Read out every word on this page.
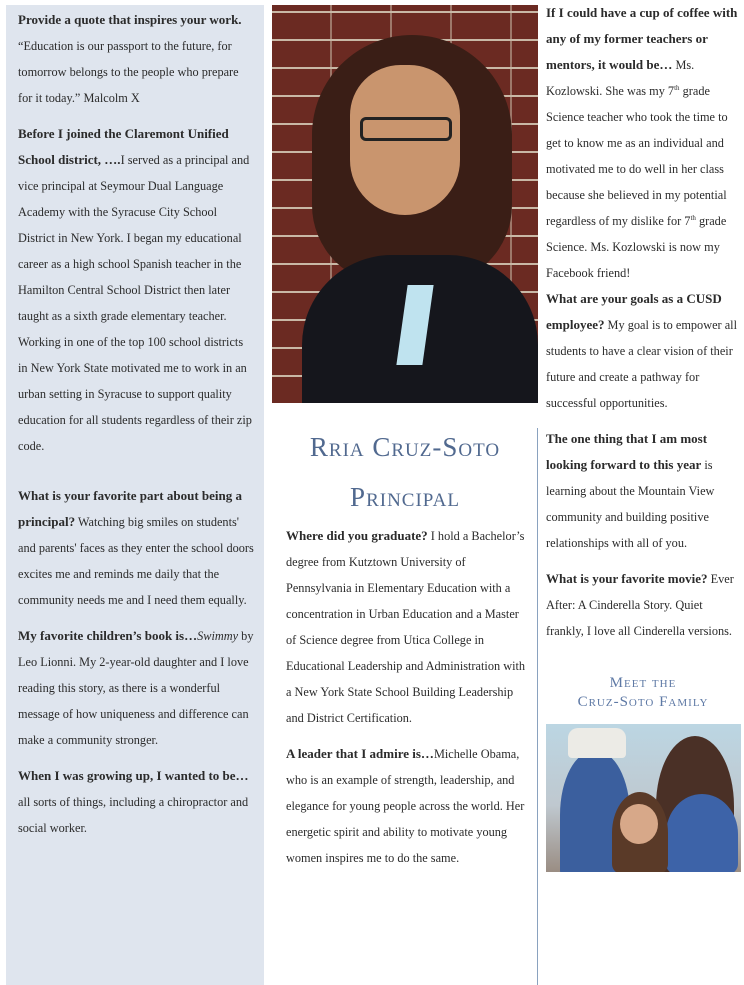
Provide a quote that inspires your work. “Education is our passport to the future, for tomorrow belongs to the people who prepare for it today.” Malcolm X

Before I joined the Claremont Unified School district, ….I served as a principal and vice principal at Seymour Dual Language Academy with the Syracuse City School District in New York. I began my educational career as a high school Spanish teacher in the Hamilton Central School District then later taught as a sixth grade elementary teacher. Working in one of the top 100 school districts in New York State motivated me to work in an urban setting in Syracuse to support quality education for all students regardless of their zip code.

What is your favorite part about being a principal? Watching big smiles on students' and parents' faces as they enter the school doors excites me and reminds me daily that the community needs me and I need them equally.

My favorite children’s book is…Swimmy by Leo Lionni. My 2-year-old daughter and I love reading this story, as there is a wonderful message of how uniqueness and difference can make a community stronger.

When I was growing up, I wanted to be…all sorts of things, including a chiropractor and social worker.

Rria Cruz-Soto
Principal

Where did you graduate? I hold a Bachelor’s degree from Kutztown University of Pennsylvania in Elementary Education with a concentration in Urban Education and a Master of Science degree from Utica College in Educational Leadership and Administration with a New York State School Building Leadership and District Certification.

A leader that I admire is…Michelle Obama, who is an example of strength, leadership, and elegance for young people across the world. Her energetic spirit and ability to motivate young women inspires me to do the same.

If I could have a cup of coffee with any of my former teachers or mentors, it would be… Ms. Kozlowski. She was my 7th grade Science teacher who took the time to get to know me as an individual and motivated me to do well in her class because she believed in my potential regardless of my dislike for 7th grade Science. Ms. Kozlowski is now my Facebook friend!

What are your goals as a CUSD employee? My goal is to empower all students to have a clear vision of their future and create a pathway for successful opportunities.

The one thing that I am most looking forward to this year is learning about the Mountain View community and building positive relationships with all of you.

What is your favorite movie? Ever After: A Cinderella Story. Quiet frankly, I love all Cinderella versions.

Meet the
Cruz-Soto Family
